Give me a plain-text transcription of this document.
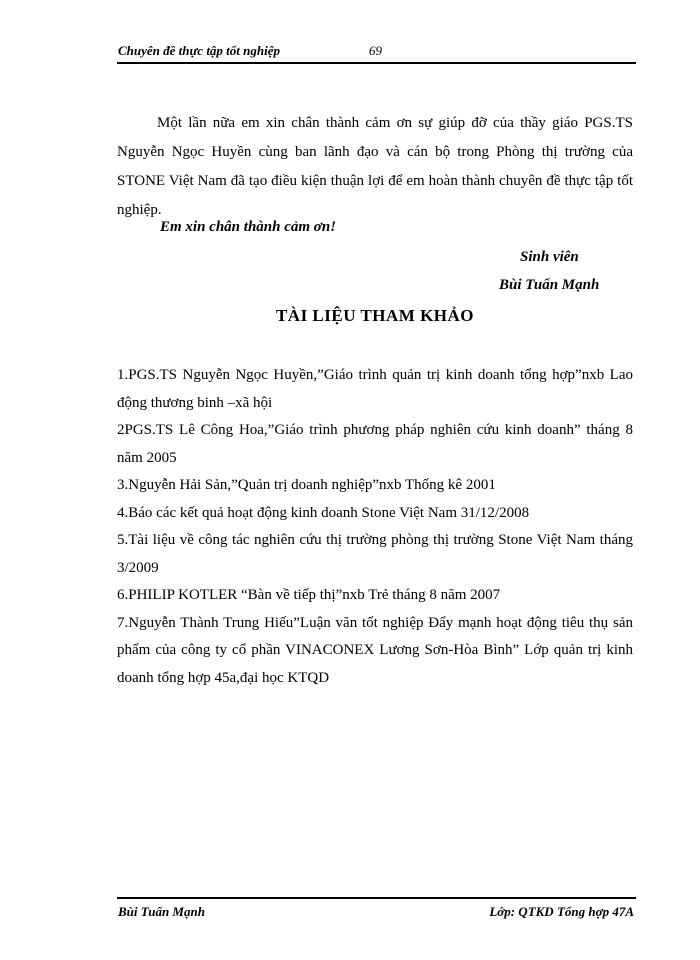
Chuyên đề thực tập tốt nghiệp	69

Một lần nữa em xin chân thành cảm ơn sự giúp đỡ của thầy giáo PGS.TS Nguyễn Ngọc Huyền cùng ban lãnh đạo và cán bộ trong Phòng thị trường của STONE Việt Nam đã tạo điều kiện thuận lợi để em hoàn thành chuyên đề thực tập tốt nghiệp.

Em xin chân thành cảm ơn!
Sinh viên
Bùi Tuấn Mạnh
TÀI LIỆU THAM KHẢO
1.PGS.TS Nguyễn Ngọc Huyền,”Giáo trình quản trị kinh doanh tổng hợp”nxb Lao động thương binh –xã hội
2PGS.TS Lê Công Hoa,”Giáo trình phương pháp nghiên cứu kinh doanh” tháng 8 năm 2005
3.Nguyễn Hải Sản,”Quản trị doanh nghiệp”nxb Thống kê 2001
4.Báo các kết quả hoạt động kinh doanh Stone Việt Nam 31/12/2008
5.Tài liệu về công tác nghiên cứu thị trường phòng thị trường Stone Việt Nam tháng 3/2009
6.PHILIP KOTLER “Bàn về tiếp thị”nxb Trẻ tháng 8 năm 2007
7.Nguyễn Thành Trung Hiếu”Luận văn tốt nghiệp Đẩy mạnh hoạt động tiêu thụ sản phẩm của công ty cổ phần VINACONEX Lương Sơn-Hòa Bình” Lớp quản trị kinh doanh tổng hợp 45a,đại học KTQD
Bùi Tuấn Mạnh	Lớp: QTKD Tổng hợp 47A
